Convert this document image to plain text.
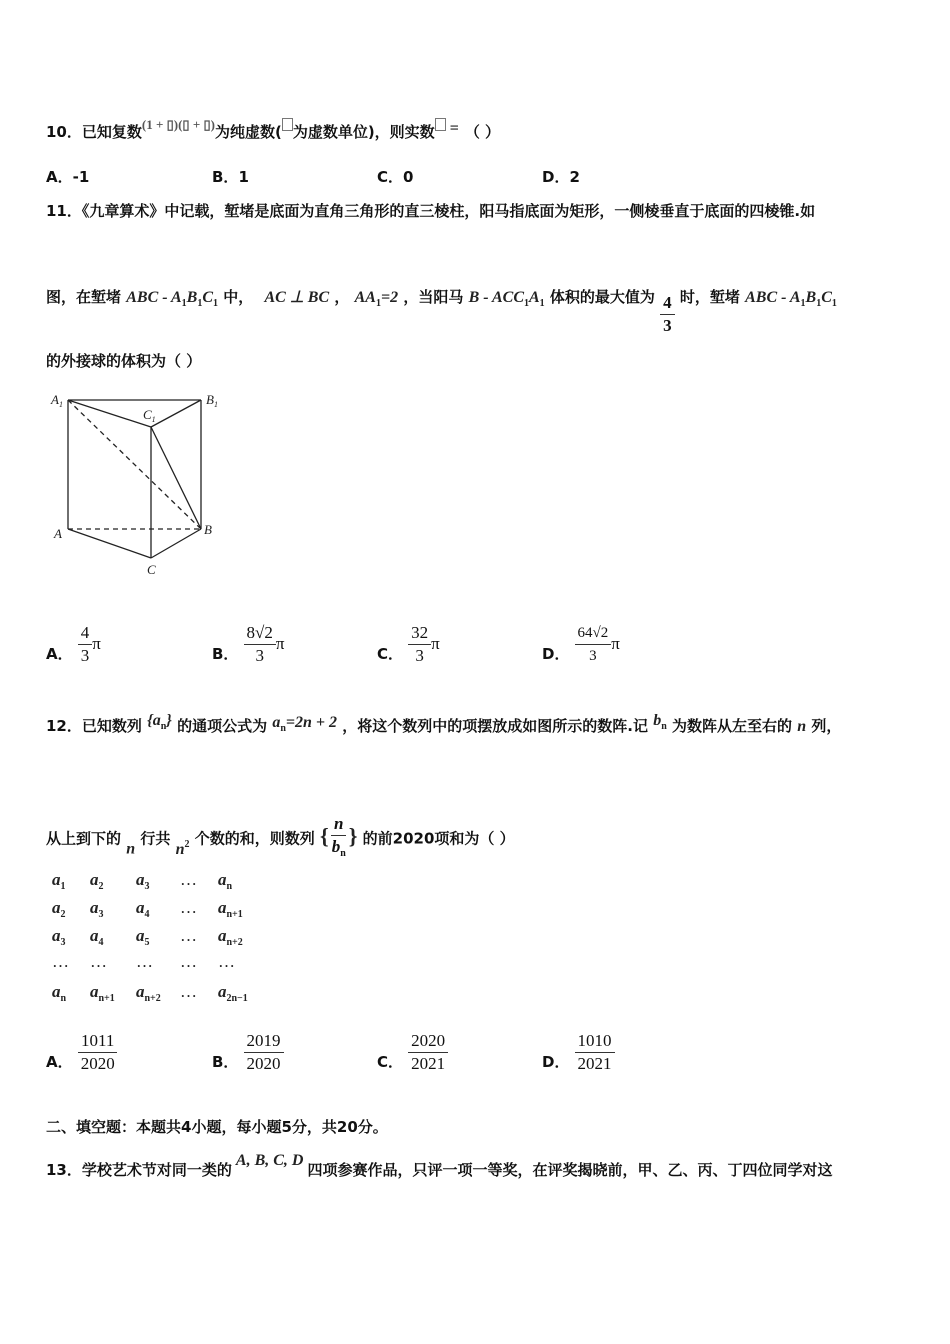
10．已知复数(1 + ▯)(▯ + ▯)为纯虚数( 为虚数单位)，则实数 = （ ）
A．-1	B．1	C．0	D．2
11．《九章算术》中记载，堑堵是底面为直角三角形的直三棱柱，阳马指底面为矩形，一侧棱垂直于底面的四棱锥.如
图，在堑堵 ABC - $A_1B_1C_1$ 中， AC ⊥ BC ， $AA_1=2$ ，当阳马 B - $ACC_1A_1$ 体积的最大值为 $\frac{4}{3}$ 时，堑堵 ABC - $A_1B_1C_1$
的外接球的体积为（ ）
$A_1$	$B_1$
$C_1$
A	B
C
A． $\frac{4}{3}$ π
B． $\frac{8√2}{3}$ π
C． $\frac{32}{3}$ π
D． $\frac{64√2}{3}$ π
12．已知数列 $\{a_n\}$ 的通项公式为 $a_n=2n + 2$ ，将这个数列中的项摆放成如图所示的数阵.记 $b_n$ 为数阵从左至右的 n 列，
从上到下的 n 行共 $n^2$ 个数的和，则数列 { $\frac{n}{b_n}$ } 的前2020项和为（ ）
$a_1$ $a_2$ $a_3$ … $a_n$
$a_2$ $a_3$ $a_4$ … $a_{n+1}$
$a_3$ $a_4$ $a_5$ … $a_{n+2}$
… … … … …
$a_n$ $a_{n+1}$ $a_{n+2}$ … $a_{2n-1}$
A． $\frac{1011}{2020}$	B． $\frac{2019}{2020}$	C． $\frac{2020}{2021}$	D． $\frac{1010}{2021}$
二、填空题：本题共4小题，每小题5分，共20分。
13．学校艺术节对同一类的A, B, C, D四项参赛作品，只评一项一等奖，在评奖揭晓前，甲、乙、丙、丁四位同学对这
